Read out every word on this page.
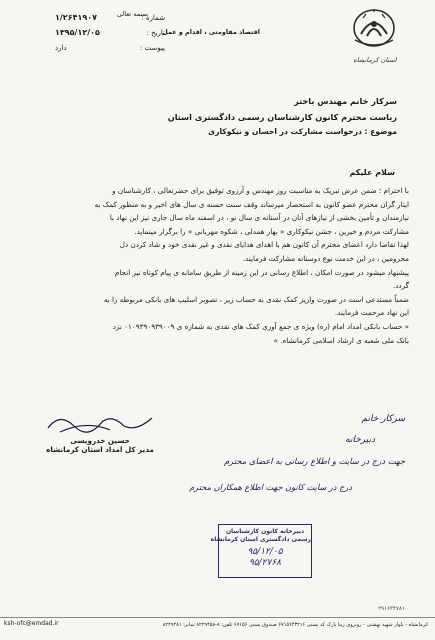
بسمه تعالی
استان کرمانشاه
اقتصاد مقاومتی ، اقدام و عمل
شماره :
۱/۲۶۴۱۹۰۷
تاریخ :
۱۳۹۵/۱۲/۰۵
پیوست :
دارد
سرکار خانم مهندس باختر
ریاست محترم کانون کارشناسان رسمی دادگستری استان
موضوع : درخواست مشارکت در احسان و نیکوکاری
سلام علیکم
با احترام ؛ ضمن عرض تبریک به مناسبت روز مهندس و آرزوی توفیق برای حضرتعالی ، کارشناسان و
ایثار گران محترم عضو کانون به استحضار میرساند وقف سنت حسنه ی سال های اخیر و به منظور کمک به
نیازمندان و تأمین بخشی از نیازهای آنان در آستانه ی سال نو ، در اسفند ماه سال جاری نیز این نهاد با
مشارکت مردم و خیرین ، جشن نیکوکاری « بهار همدلی ، شکوه مهربانی » را برگزار مینماید.
لهذا تقاضا دارد اعضای محترم آن کانون هم با اهدای هدایای نقدی و غیر نقدی خود و شاد کردن دل
محرومین ، در این خدمت نوع دوستانه مشارکت فرمایند.
پیشنهاد میشود در صورت امکان ، اطلاع رسانی در این زمینه از طریق سامانه ی پیام کوتاه نیز انجام
گردد.
ضمناً مستدعی است در صورت واریز کمک نقدی به حساب زیر ، تصویر اسلیپ های بانکی مربوطه را به
این نهاد مرحمت فرمایند.
« حساب بانکی امداد امام (ره) ویژه ی جمع آوری کمک های نقدی به شماره ی ۰۱۰۹۳۹۰۹۳۹۰۰۹ نزد
بانک ملی شعبه ی ارشاد اسلامی کرمانشاه. »
حسین خدرویسی
مدیر کل امداد استان کرمانشاه
سرکار خانم
دبیرخانه
جهت درج در سایت و اطلاع رسانی به اعضای محترم
درج در سایت کانون جهت اطلاع همکاران محترم
دبیرخانه کانون کارشناسان
رسمی دادگستری استان کرمانشاه
۹۵/۱۲/۰۵
۹۵/۲۷۶۸
۲۹۱۶۳۴۷۸۱
کرمانشاه - بلوار شهید بهشتی - روبروی زیبا پارک کد پستی ۶۷۱۵۶۴۳۲۱۶ صندوق پستی ۶۷۱۵۶ تلفن: ۸-۸۲۲۹۴۵۸ نمابر: ۸۲۲۹۴۸۱
ksh-ofc@emdad.ir
